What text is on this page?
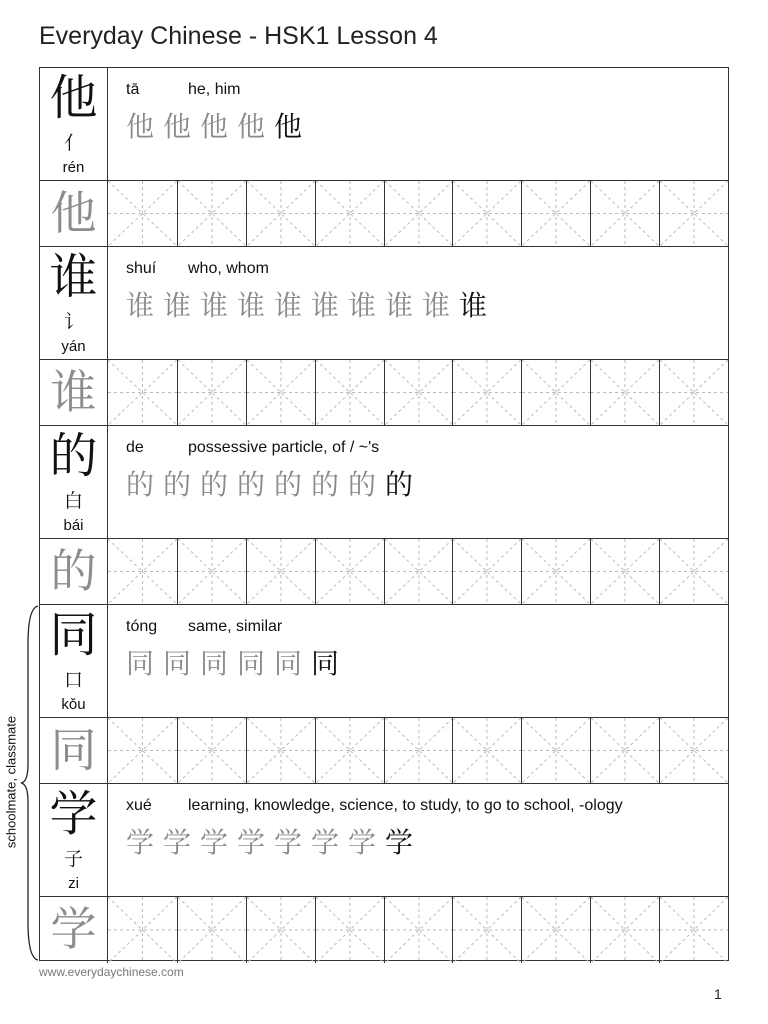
Everyday Chinese - HSK1 Lesson 4
他
亻
rén
tā	he, him
他 他 他 他 他
他
谁
讠
yán
shuí who, whom
谁 谁 谁 谁 谁 谁 谁 谁 谁 谁
谁
的
白
bái
de	possessive particle, of / ~'s
的 的 的 的 的 的 的 的
的
同
口
kǒu
tóng same, similar
同 同 同 同 同 同
同
学
子
zi
xué learning, knowledge, science, to study, to go to school, -ology
学 学 学 学 学 学 学 学
学
schoolmate, classmate
www.everydaychinese.com
1
